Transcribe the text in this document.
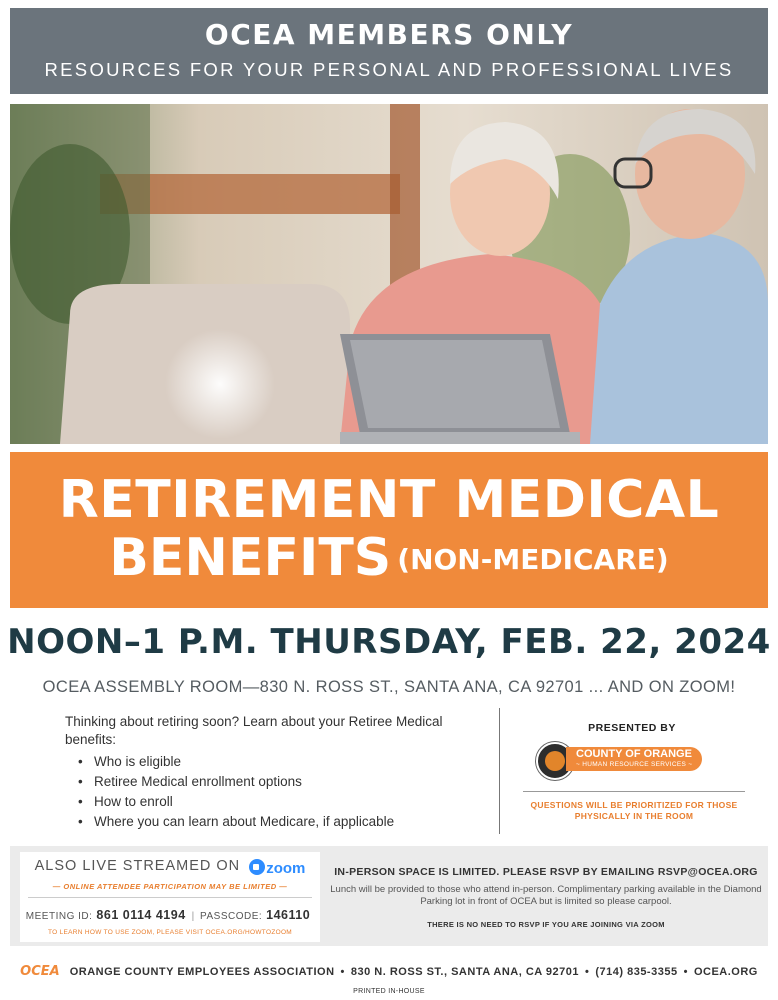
OCEA MEMBERS ONLY
RESOURCES FOR YOUR PERSONAL AND PROFESSIONAL LIVES
RETIREMENT MEDICAL
BENEFITS (NON-MEDICARE)
NOON–1 P.M. THURSDAY, FEB. 22, 2024
OCEA ASSEMBLY ROOM—830 N. ROSS ST., SANTA ANA, CA 92701 ... AND ON ZOOM!
Thinking about retiring soon? Learn about your Retiree Medical benefits:
• Who is eligible
• Retiree Medical enrollment options
• How to enroll
• Where you can learn about Medicare, if applicable
PRESENTED BY
COUNTY OF ORANGE
~ HUMAN RESOURCE SERVICES ~
QUESTIONS WILL BE PRIORITIZED FOR THOSE PHYSICALLY IN THE ROOM
ALSO LIVE STREAMED ON zoom
— ONLINE ATTENDEE PARTICIPATION MAY BE LIMITED —
MEETING ID: 861 0114 4194 | PASSCODE: 146110
TO LEARN HOW TO USE ZOOM, PLEASE VISIT OCEA.ORG/HOWTOZOOM
IN-PERSON SPACE IS LIMITED. PLEASE RSVP BY EMAILING RSVP@OCEA.ORG
Lunch will be provided to those who attend in-person. Complimentary parking available in the Diamond Parking lot in front of OCEA but is limited so please carpool.
THERE IS NO NEED TO RSVP IF YOU ARE JOINING VIA ZOOM
OCEA ORANGE COUNTY EMPLOYEES ASSOCIATION • 830 N. ROSS ST., SANTA ANA, CA 92701 • (714) 835-3355 • OCEA.ORG
PRINTED IN-HOUSE
